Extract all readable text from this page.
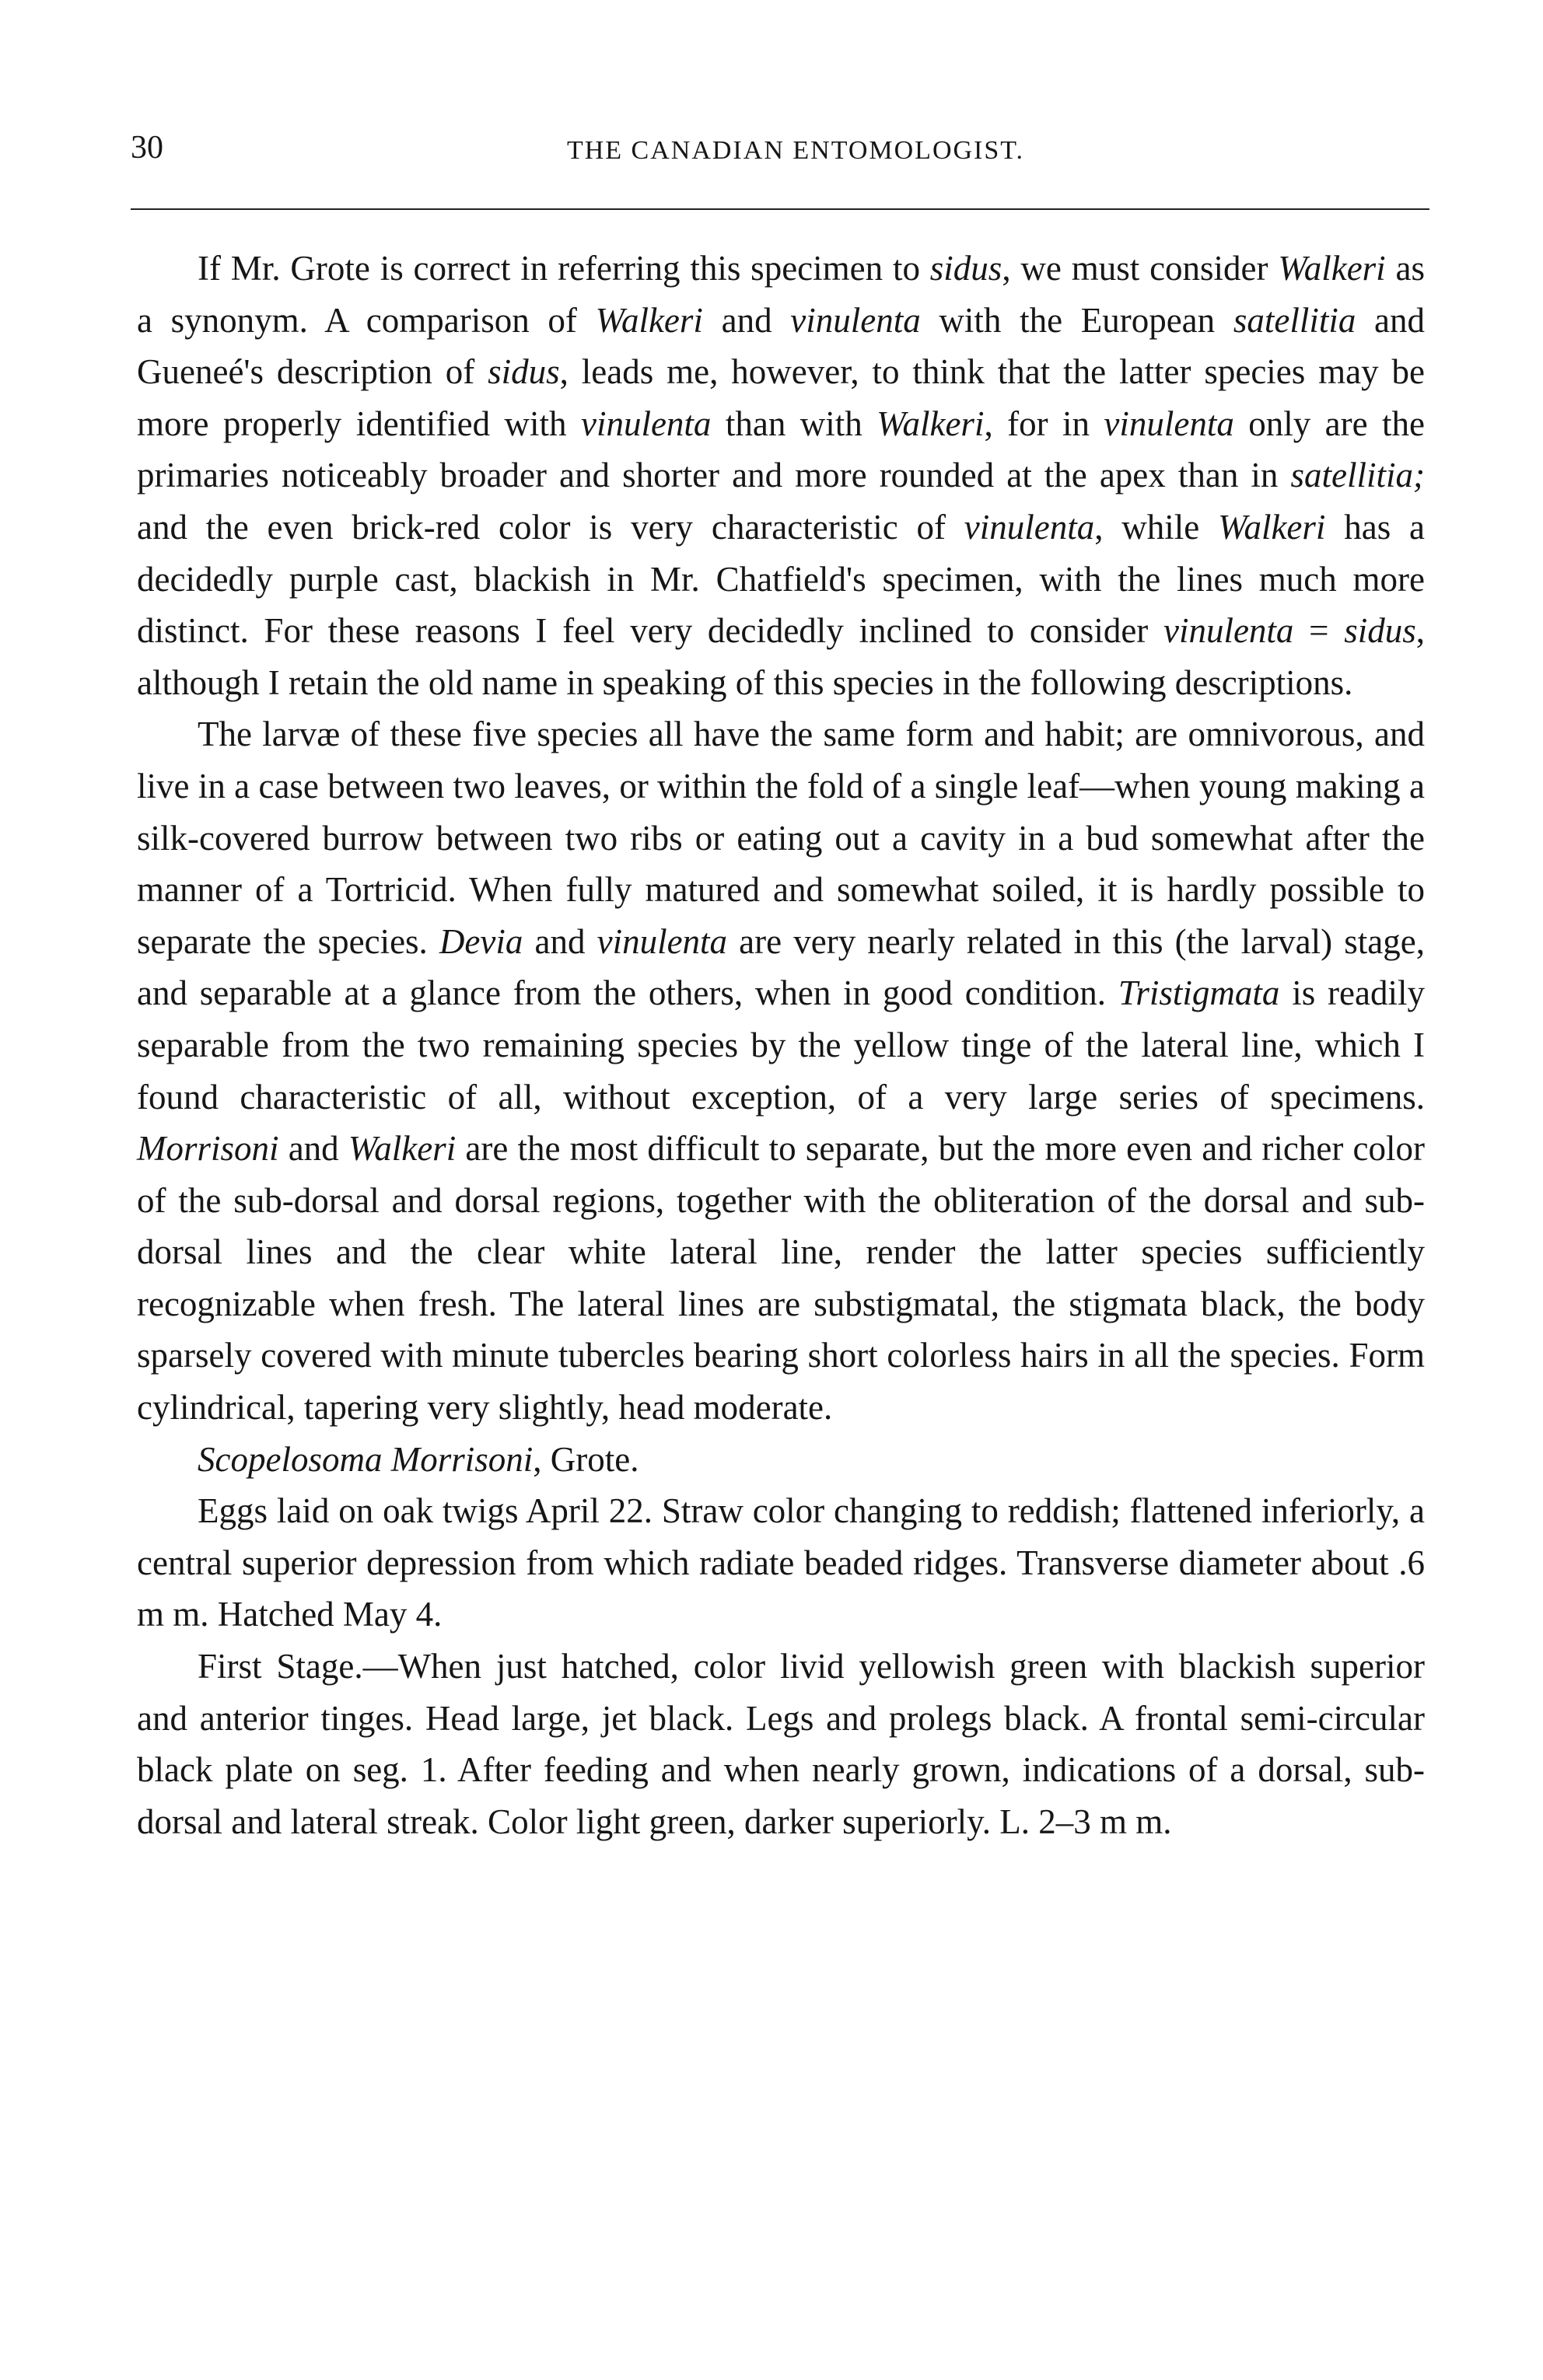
30	THE CANADIAN ENTOMOLOGIST.

If Mr. Grote is correct in referring this specimen to sidus, we must consider Walkeri as a synonym. A comparison of Walkeri and vinulenta with the European satellitia and Gueneé's description of sidus, leads me, however, to think that the latter species may be more properly identified with vinulenta than with Walkeri, for in vinulenta only are the primaries noticeably broader and shorter and more rounded at the apex than in satellitia; and the even brick-red color is very characteristic of vinulenta, while Walkeri has a decidedly purple cast, blackish in Mr. Chatfield's specimen, with the lines much more distinct. For these reasons I feel very decidedly inclined to consider vinulenta = sidus, although I retain the old name in speaking of this species in the following descriptions.

The larvæ of these five species all have the same form and habit; are omnivorous, and live in a case between two leaves, or within the fold of a single leaf—when young making a silk-covered burrow between two ribs or eating out a cavity in a bud somewhat after the manner of a Tortricid. When fully matured and somewhat soiled, it is hardly possible to separate the species. Devia and vinulenta are very nearly related in this (the larval) stage, and separable at a glance from the others, when in good condition. Tristigmata is readily separable from the two remaining species by the yellow tinge of the lateral line, which I found characteristic of all, without exception, of a very large series of specimens. Morrisoni and Walkeri are the most difficult to separate, but the more even and richer color of the sub-dorsal and dorsal regions, together with the obliteration of the dorsal and sub-dorsal lines and the clear white lateral line, render the latter species sufficiently recognizable when fresh. The lateral lines are substigmatal, the stigmata black, the body sparsely covered with minute tubercles bearing short colorless hairs in all the species. Form cylindrical, tapering very slightly, head moderate.

Scopelosoma Morrisoni, Grote.

Eggs laid on oak twigs April 22. Straw color changing to reddish; flattened inferiorly, a central superior depression from which radiate beaded ridges. Transverse diameter about .6 m m. Hatched May 4.

First Stage.—When just hatched, color livid yellowish green with blackish superior and anterior tinges. Head large, jet black. Legs and prolegs black. A frontal semi-circular black plate on seg. 1. After feeding and when nearly grown, indications of a dorsal, sub-dorsal and lateral streak. Color light green, darker superiorly. L. 2–3 m m.
